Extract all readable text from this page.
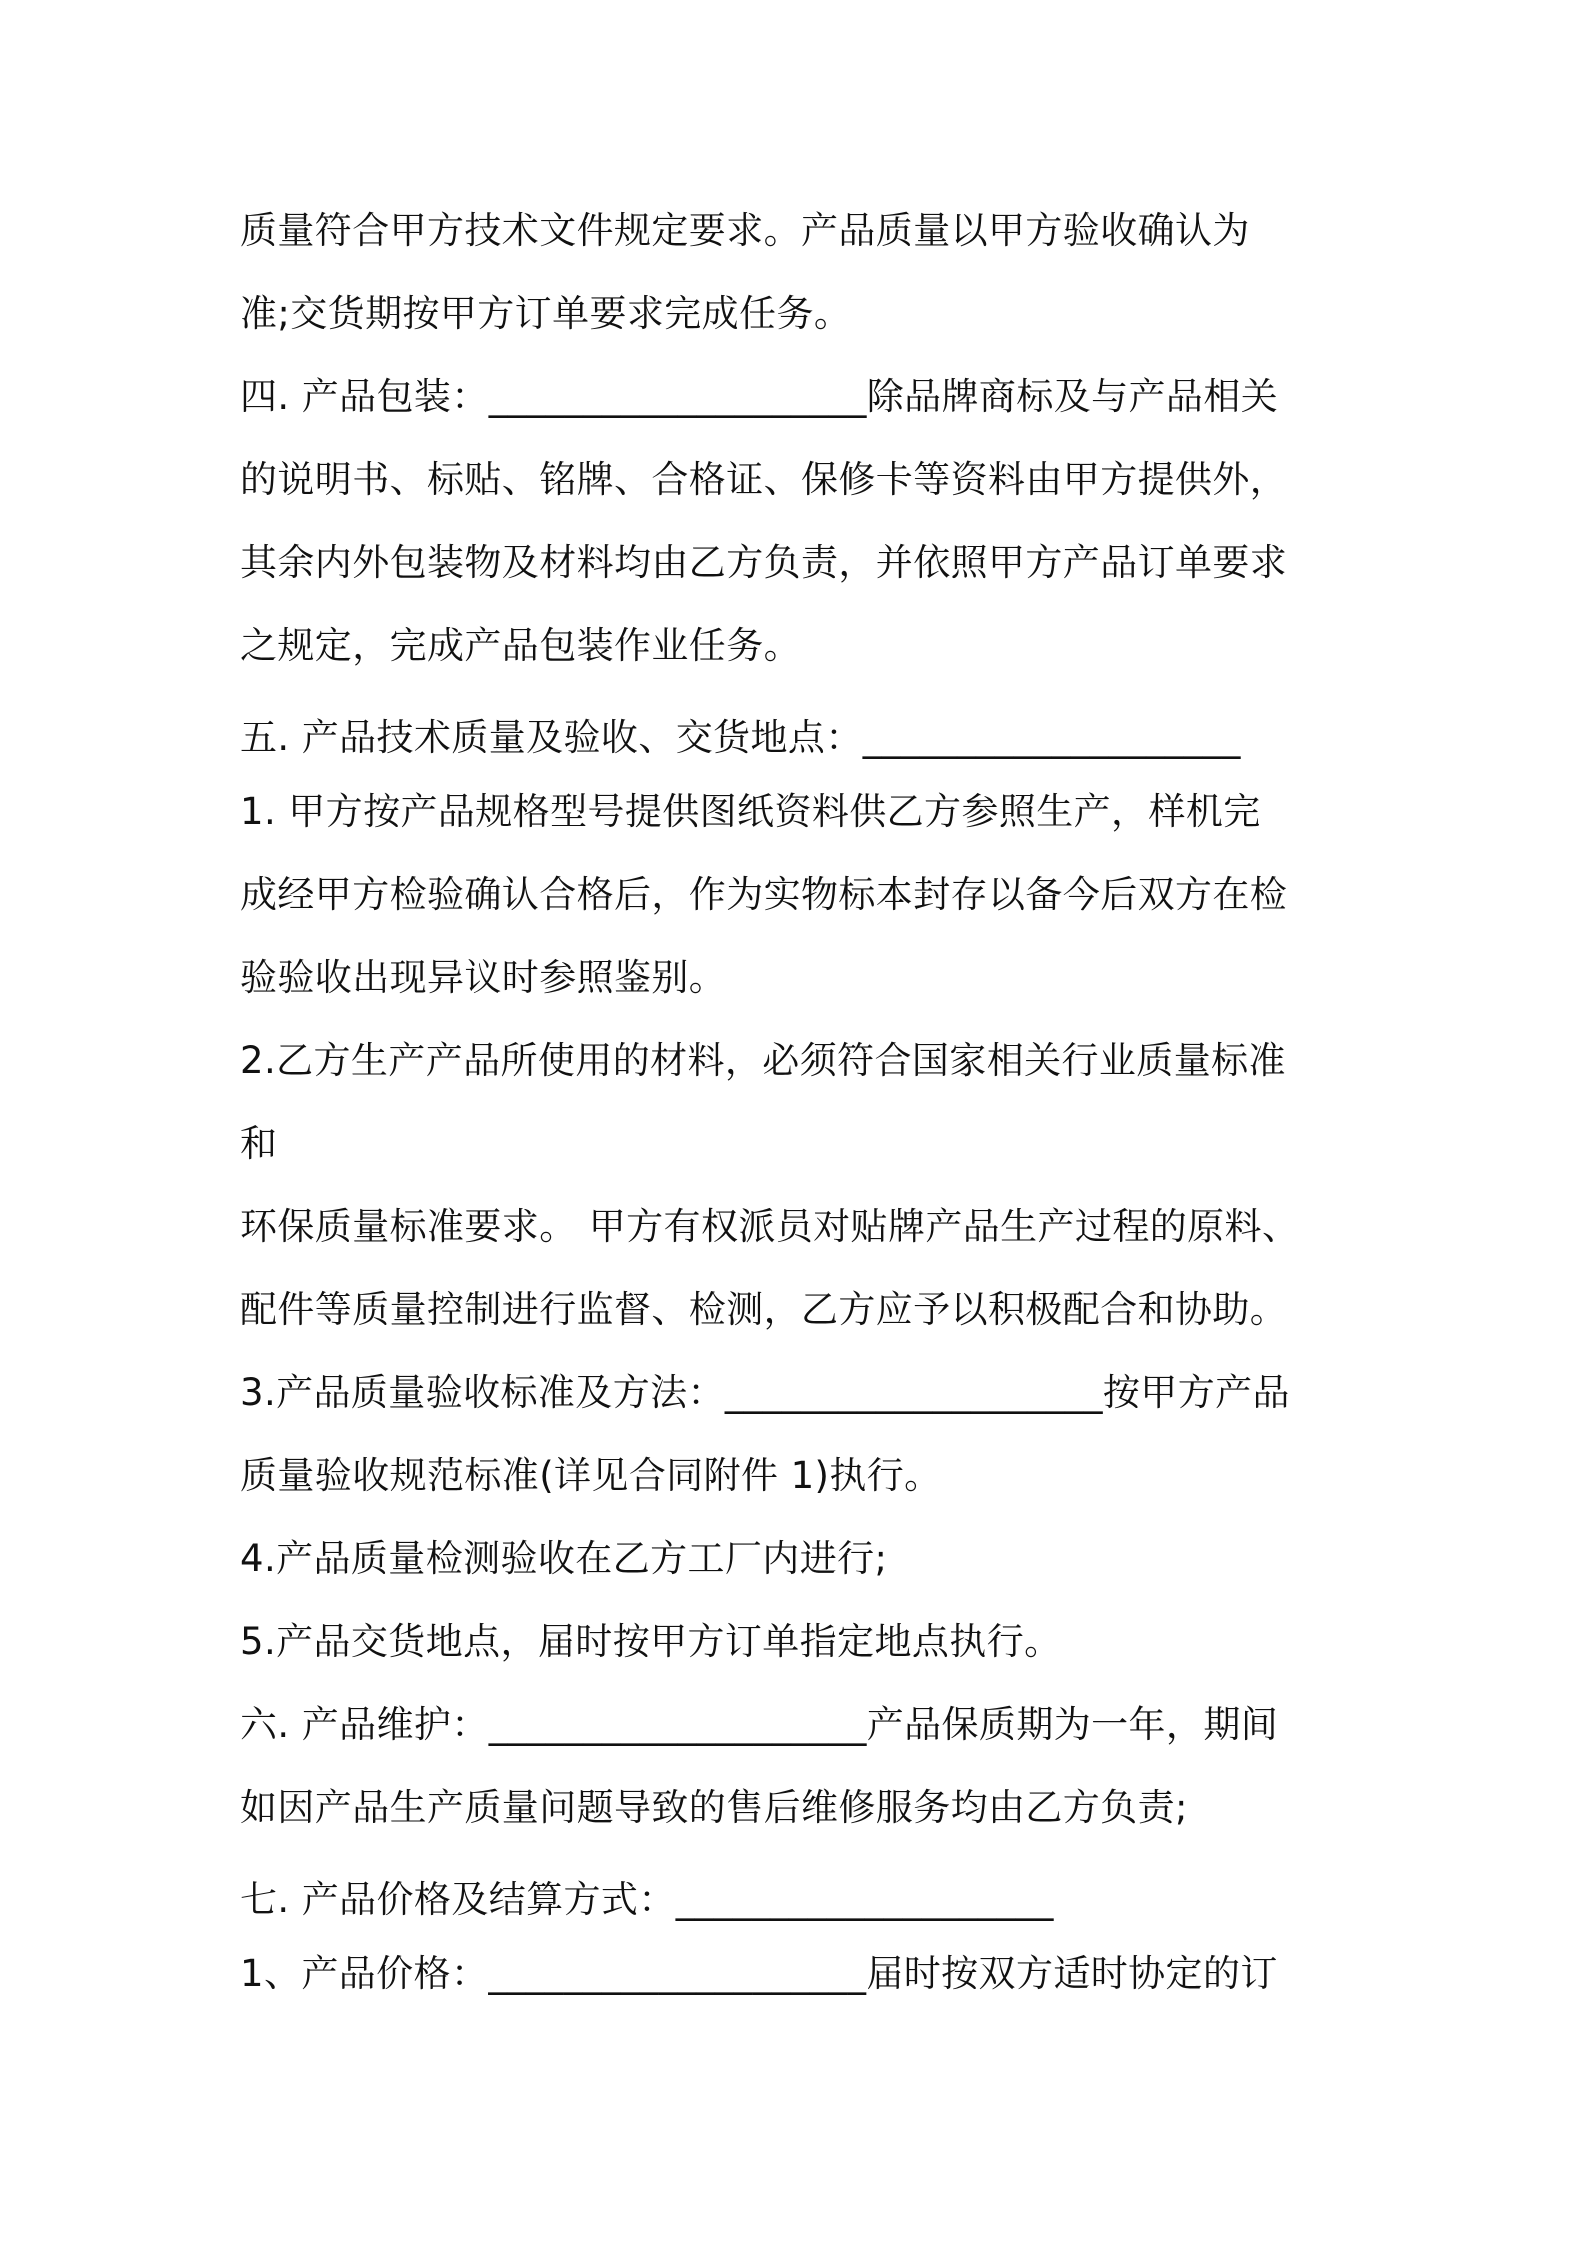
质量符合甲方技术文件规定要求。产品质量以甲方验收确认为
准;交货期按甲方订单要求完成任务。
四. 产品包装：____________________除品牌商标及与产品相关
的说明书、标贴、铭牌、合格证、保修卡等资料由甲方提供外，
其余内外包装物及材料均由乙方负责，并依照甲方产品订单要求
之规定，完成产品包装作业任务。
五. 产品技术质量及验收、交货地点：____________________
1. 甲方按产品规格型号提供图纸资料供乙方参照生产，样机完
成经甲方检验确认合格后，作为实物标本封存以备今后双方在检
验验收出现异议时参照鉴别。
2.乙方生产产品所使用的材料，必须符合国家相关行业质量标准
和
环保质量标准要求。 甲方有权派员对贴牌产品生产过程的原料、
配件等质量控制进行监督、检测，乙方应予以积极配合和协助。
3.产品质量验收标准及方法：____________________按甲方产品
质量验收规范标准(详见合同附件 1)执行。
4.产品质量检测验收在乙方工厂内进行;
5.产品交货地点，届时按甲方订单指定地点执行。
六. 产品维护：____________________产品保质期为一年，期间
如因产品生产质量问题导致的售后维修服务均由乙方负责;
七. 产品价格及结算方式：____________________
1、产品价格：____________________届时按双方适时协定的订
